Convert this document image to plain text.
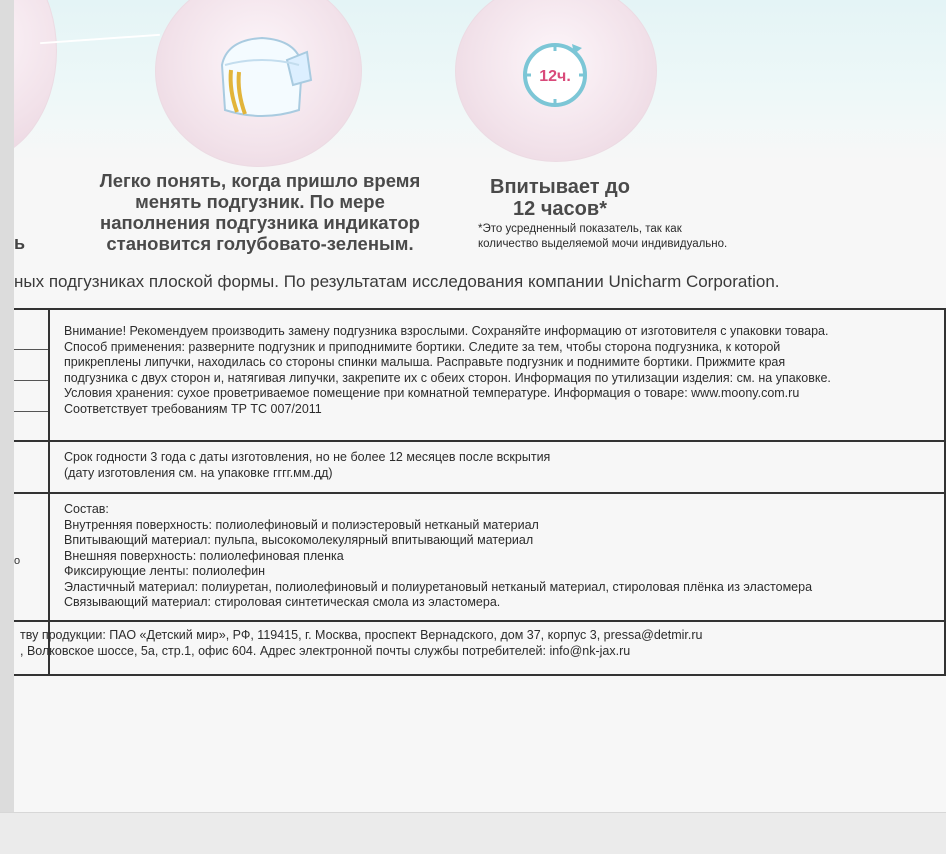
12ч.
Легко понять, когда пришло время
менять подгузник. По мере
наполнения подгузника индикатор
становится голубовато-зеленым.
Впитывает до
12 часов*
*Это усредненный показатель, так как
количество выделяемой мочи индивидуально.
ь
ных подгузниках плоской формы. По результатам исследования компании Unicharm Corporation.
Внимание! Рекомендуем производить замену подгузника взрослыми. Сохраняйте информацию от изготовителя с упаковки товара.
Способ применения: разверните подгузник и приподнимите бортики. Следите за тем, чтобы сторона подгузника, к которой
прикреплены липучки, находилась со стороны спинки малыша. Расправьте подгузник и поднимите бортики. Прижмите края
подгузника с двух сторон и, натягивая липучки, закрепите их с обеих сторон. Информация по утилизации изделия: см. на упаковке.
Условия хранения: сухое проветриваемое помещение при комнатной температуре. Информация о товаре: www.moony.com.ru
Соответствует требованиям ТР ТС 007/2011
Срок годности 3 года с даты изготовления, но не более 12 месяцев после вскрытия
(дату изготовления см. на упаковке гггг.мм.дд)
о
Состав:
Внутренняя поверхность: полиолефиновый и полиэстеровый нетканый материал
Впитывающий материал: пульпа, высокомолекулярный впитывающий материал
Внешняя поверхность: полиолефиновая пленка
Фиксирующие ленты: полиолефин
Эластичный материал: полиуретан, полиолефиновый и полиуретановый нетканый материал, стироловая плёнка из эластомера
Связывающий материал: стироловая синтетическая смола из эластомера.
тву продукции: ПАО «Детский мир», РФ, 119415, г. Москва, проспект Вернадского, дом 37, корпус 3, pressa@detmir.ru
, Волковское шоссе, 5а, стр.1, офис 604. Адрес электронной почты службы потребителей: info@nk-jax.ru
